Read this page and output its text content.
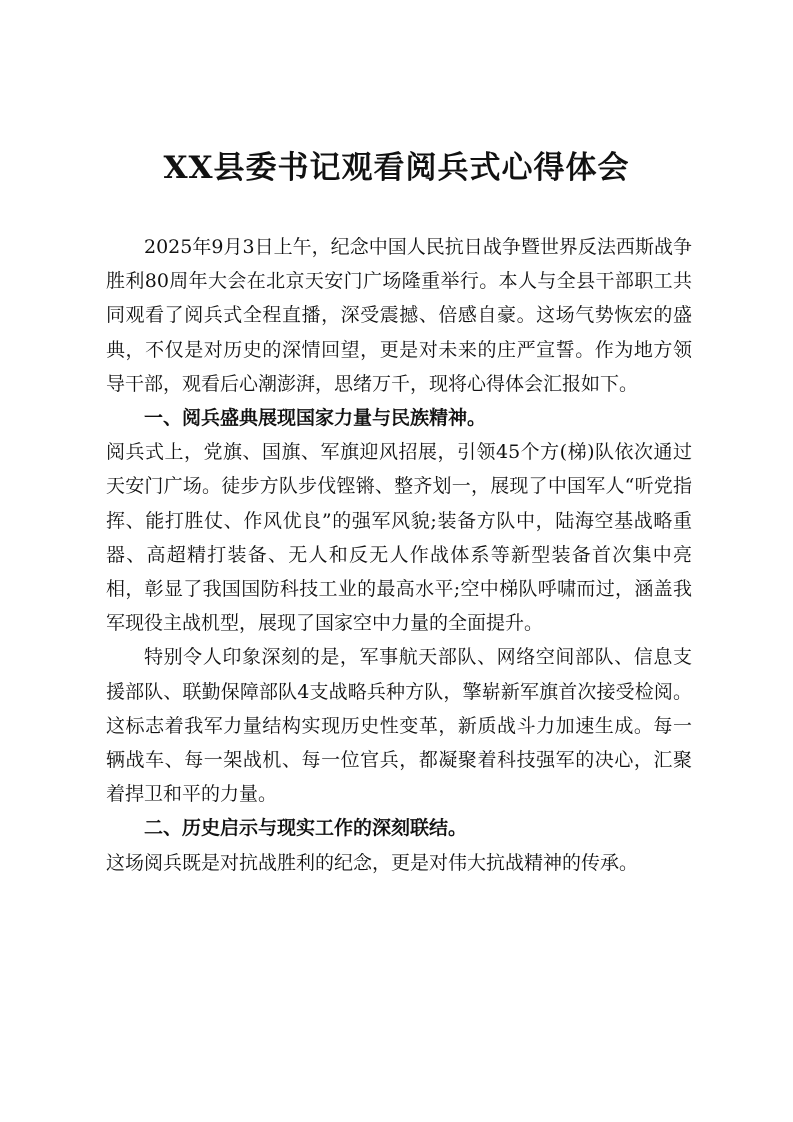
XX县委书记观看阅兵式心得体会

2025年9月3日上午，纪念中国人民抗日战争暨世界反法西斯战争胜利80周年大会在北京天安门广场隆重举行。本人与全县干部职工共同观看了阅兵式全程直播，深受震撼、倍感自豪。这场气势恢宏的盛典，不仅是对历史的深情回望，更是对未来的庄严宣誓。作为地方领导干部，观看后心潮澎湃，思绪万千，现将心得体会汇报如下。

一、阅兵盛典展现国家力量与民族精神。

阅兵式上，党旗、国旗、军旗迎风招展，引领45个方(梯)队依次通过天安门广场。徒步方队步伐铿锵、整齐划一，展现了中国军人“听党指挥、能打胜仗、作风优良”的强军风貌;装备方队中，陆海空基战略重器、高超精打装备、无人和反无人作战体系等新型装备首次集中亮相，彰显了我国国防科技工业的最高水平;空中梯队呼啸而过，涵盖我军现役主战机型，展现了国家空中力量的全面提升。

特别令人印象深刻的是，军事航天部队、网络空间部队、信息支援部队、联勤保障部队4支战略兵种方队，擎崭新军旗首次接受检阅。这标志着我军力量结构实现历史性变革，新质战斗力加速生成。每一辆战车、每一架战机、每一位官兵，都凝聚着科技强军的决心，汇聚着捍卫和平的力量。

二、历史启示与现实工作的深刻联结。

这场阅兵既是对抗战胜利的纪念，更是对伟大抗战精神的传承。
